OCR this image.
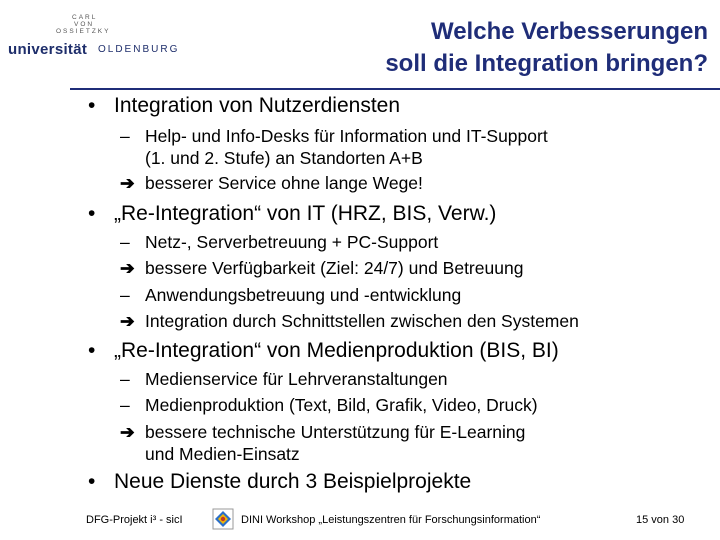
CARL
VON
OSSIETZKY
universität OLDENBURG
Welche Verbesserungen
soll die Integration bringen?
• Integration von Nutzerdiensten
– Help- und Info-Desks für Information und IT-Support
(1. und 2. Stufe) an Standorten A+B
➔ besserer Service ohne lange Wege!
• „Re-Integration“ von IT (HRZ, BIS, Verw.)
– Netz-, Serverbetreuung + PC-Support
➔ bessere Verfügbarkeit (Ziel: 24/7) und Betreuung
– Anwendungsbetreuung und -entwicklung
➔ Integration durch Schnittstellen zwischen den Systemen
• „Re-Integration“ von Medienproduktion (BIS, BI)
– Medienservice für Lehrveranstaltungen
– Medienproduktion (Text, Bild, Grafik, Video, Druck)
➔ bessere technische Unterstützung für E-Learning
und Medien-Einsatz
• Neue Dienste durch 3 Beispielprojekte
DFG-Projekt i³ - sicI	DINI Workshop „Leistungszentren für Forschungsinformation“	15 von 30
